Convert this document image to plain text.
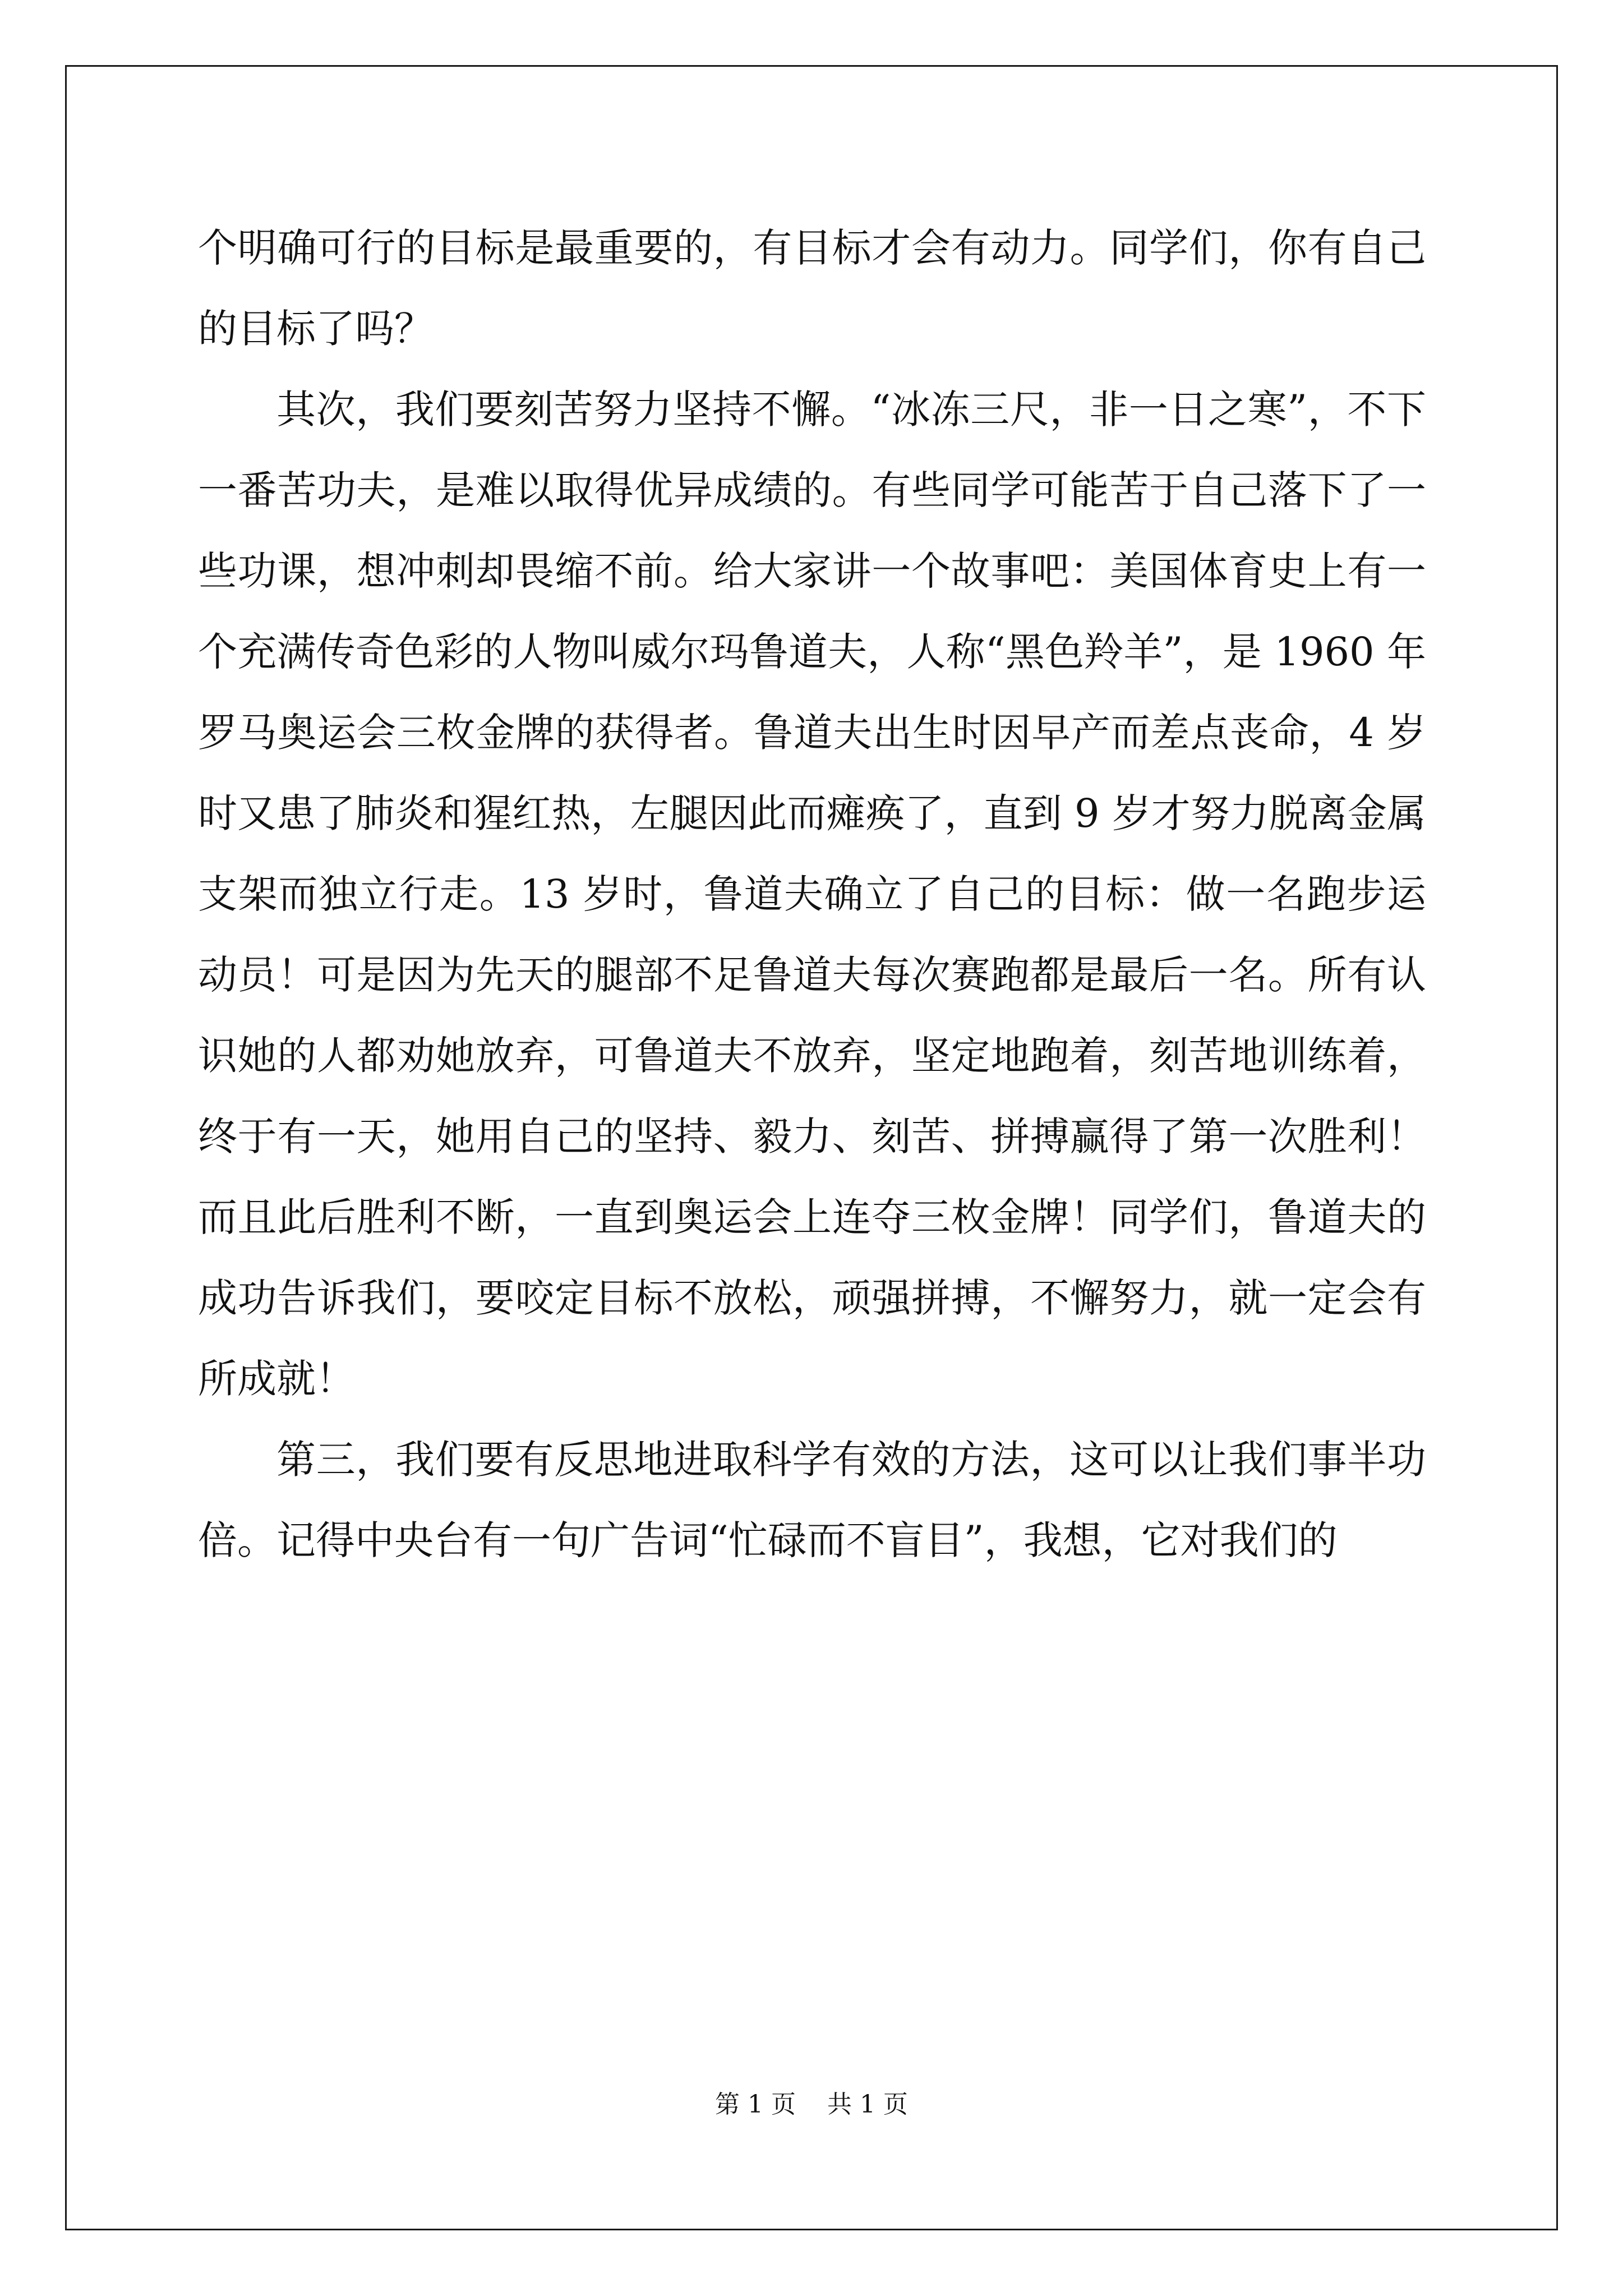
个明确可行的目标是最重要的，有目标才会有动力。同学们，你有自己的目标了吗？

其次，我们要刻苦努力坚持不懈。“冰冻三尺，非一日之寒”，不下一番苦功夫，是难以取得优异成绩的。有些同学可能苦于自己落下了一些功课，想冲刺却畏缩不前。给大家讲一个故事吧：美国体育史上有一个充满传奇色彩的人物叫威尔玛鲁道夫，人称“黑色羚羊”，是 1960 年罗马奥运会三枚金牌的获得者。鲁道夫出生时因早产而差点丧命，4 岁时又患了肺炎和猩红热，左腿因此而瘫痪了，直到 9 岁才努力脱离金属支架而独立行走。13 岁时，鲁道夫确立了自己的目标：做一名跑步运动员！可是因为先天的腿部不足鲁道夫每次赛跑都是最后一名。所有认识她的人都劝她放弃，可鲁道夫不放弃，坚定地跑着，刻苦地训练着，终于有一天，她用自己的坚持、毅力、刻苦、拼搏赢得了第一次胜利！而且此后胜利不断，一直到奥运会上连夺三枚金牌！同学们，鲁道夫的成功告诉我们，要咬定目标不放松，顽强拼搏，不懈努力，就一定会有所成就！

第三，我们要有反思地进取科学有效的方法，这可以让我们事半功倍。记得中央台有一句广告词“忙碌而不盲目”，我想，它对我们的

第 1 页    共 1 页
